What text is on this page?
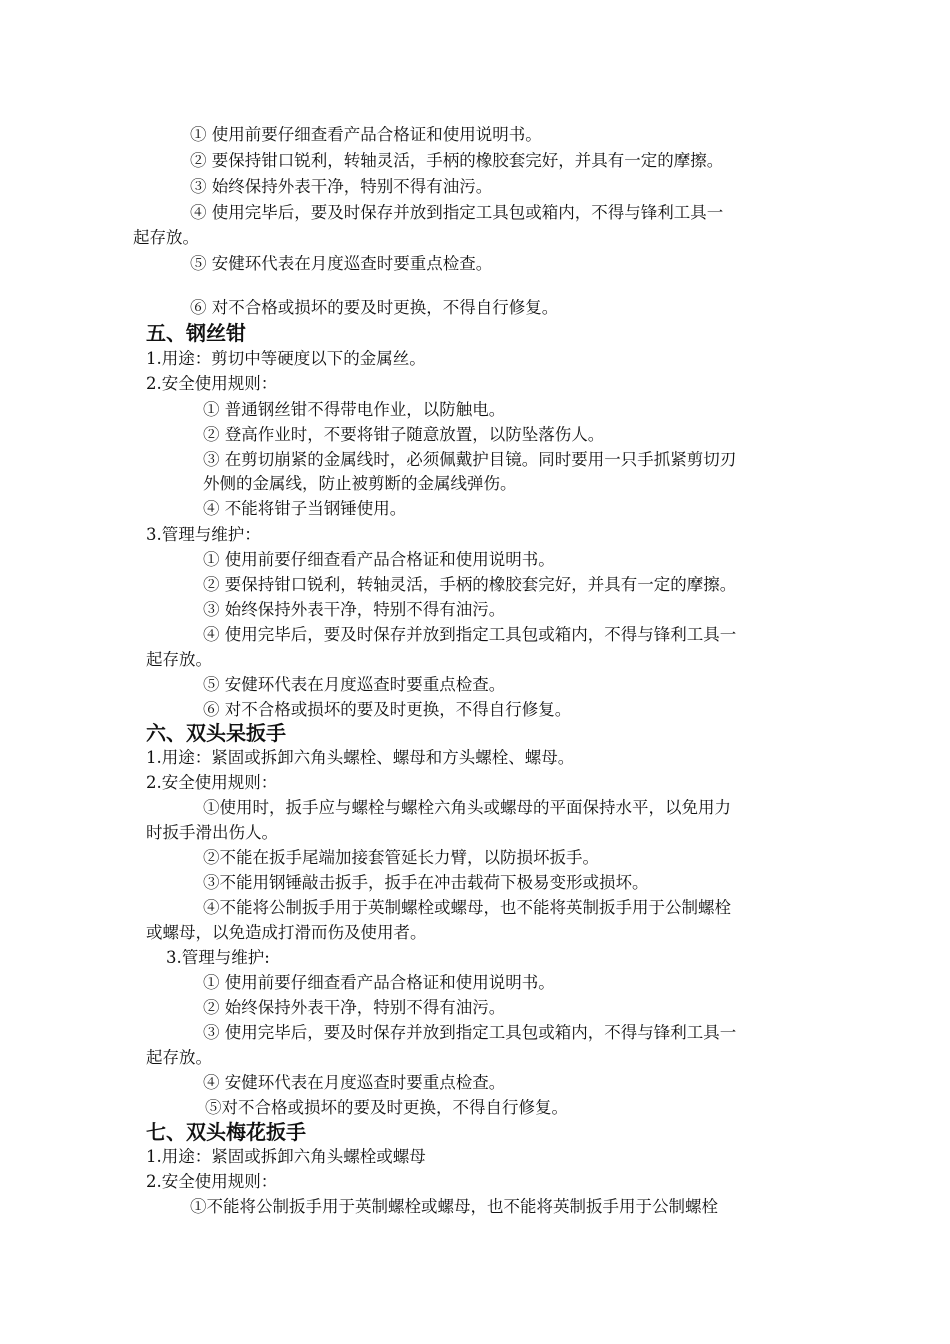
① 使用前要仔细查看产品合格证和使用说明书。
② 要保持钳口锐利，转轴灵活，手柄的橡胶套完好，并具有一定的摩擦。
③ 始终保持外表干净，特别不得有油污。
④ 使用完毕后，要及时保存并放到指定工具包或箱内，不得与锋利工具一
起存放。
⑤ 安健环代表在月度巡查时要重点检查。
⑥ 对不合格或损坏的要及时更换，不得自行修复。
五、钢丝钳
1.用途：剪切中等硬度以下的金属丝。
2.安全使用规则：
① 普通钢丝钳不得带电作业，以防触电。
② 登高作业时，不要将钳子随意放置，以防坠落伤人。
③ 在剪切崩紧的金属线时，必须佩戴护目镜。同时要用一只手抓紧剪切刃
外侧的金属线，防止被剪断的金属线弹伤。
④ 不能将钳子当钢锤使用。
3.管理与维护：
① 使用前要仔细查看产品合格证和使用说明书。
② 要保持钳口锐利，转轴灵活，手柄的橡胶套完好，并具有一定的摩擦。
③ 始终保持外表干净，特别不得有油污。
④ 使用完毕后，要及时保存并放到指定工具包或箱内，不得与锋利工具一
起存放。
⑤ 安健环代表在月度巡查时要重点检查。
⑥ 对不合格或损坏的要及时更换，不得自行修复。
六、双头呆扳手
1.用途：紧固或拆卸六角头螺栓、螺母和方头螺栓、螺母。
2.安全使用规则：
①使用时，扳手应与螺栓与螺栓六角头或螺母的平面保持水平，以免用力
时扳手滑出伤人。
②不能在扳手尾端加接套管延长力臂，以防损坏扳手。
③不能用钢锤敲击扳手，扳手在冲击载荷下极易变形或损坏。
④不能将公制扳手用于英制螺栓或螺母，也不能将英制扳手用于公制螺栓
或螺母，以免造成打滑而伤及使用者。
3.管理与维护:
① 使用前要仔细查看产品合格证和使用说明书。
② 始终保持外表干净，特别不得有油污。
③ 使用完毕后，要及时保存并放到指定工具包或箱内，不得与锋利工具一
起存放。
④ 安健环代表在月度巡查时要重点检查。
⑤对不合格或损坏的要及时更换，不得自行修复。
七、双头梅花扳手
1.用途：紧固或拆卸六角头螺栓或螺母
2.安全使用规则：
①不能将公制扳手用于英制螺栓或螺母，也不能将英制扳手用于公制螺栓
